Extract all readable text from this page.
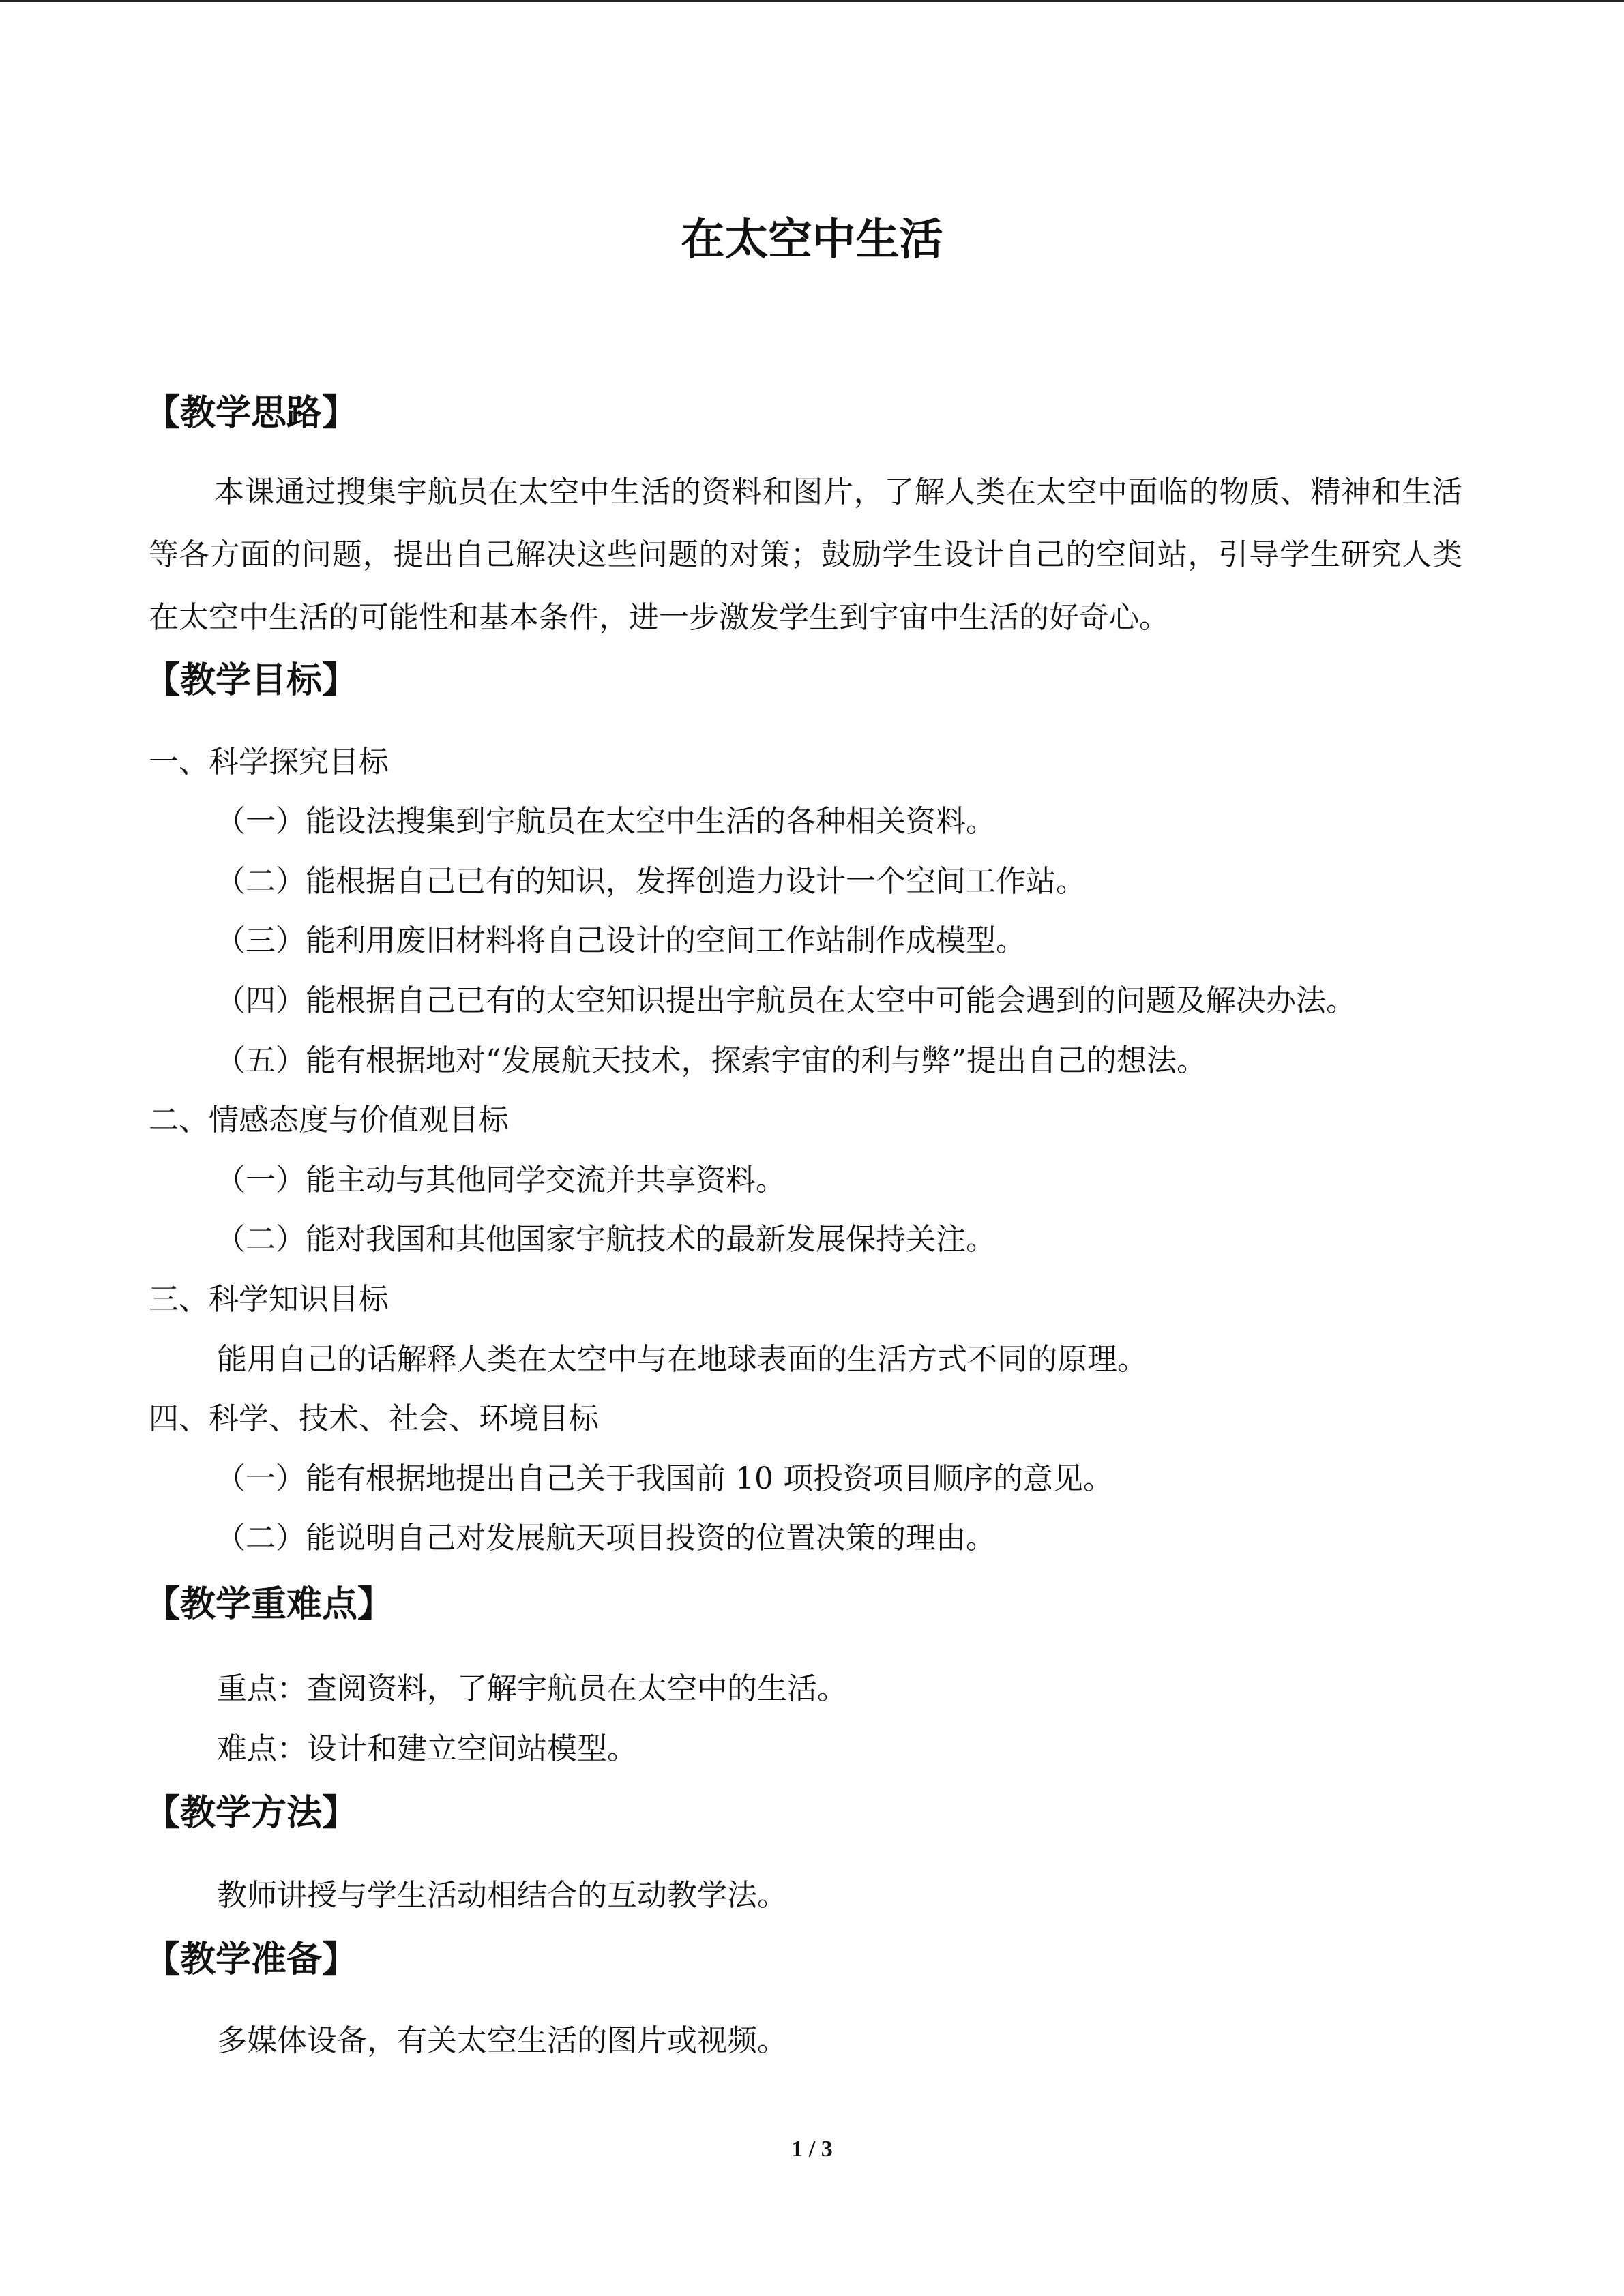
在太空中生活
【教学思路】

本课通过搜集宇航员在太空中生活的资料和图片，了解人类在太空中面临的物质、精神和生活等各方面的问题，提出自己解决这些问题的对策；鼓励学生设计自己的空间站，引导学生研究人类在太空中生活的可能性和基本条件，进一步激发学生到宇宙中生活的好奇心。

【教学目标】
一、科学探究目标
（一）能设法搜集到宇航员在太空中生活的各种相关资料。
（二）能根据自己已有的知识，发挥创造力设计一个空间工作站。
（三）能利用废旧材料将自己设计的空间工作站制作成模型。
（四）能根据自己已有的太空知识提出宇航员在太空中可能会遇到的问题及解决办法。
（五）能有根据地对“发展航天技术，探索宇宙的利与弊”提出自己的想法。
二、情感态度与价值观目标
（一）能主动与其他同学交流并共享资料。
（二）能对我国和其他国家宇航技术的最新发展保持关注。
三、科学知识目标
能用自己的话解释人类在太空中与在地球表面的生活方式不同的原理。
四、科学、技术、社会、环境目标
（一）能有根据地提出自己关于我国前 10 项投资项目顺序的意见。
（二）能说明自己对发展航天项目投资的位置决策的理由。
【教学重难点】
重点：查阅资料，了解宇航员在太空中的生活。
难点：设计和建立空间站模型。
【教学方法】
教师讲授与学生活动相结合的互动教学法。
【教学准备】
多媒体设备，有关太空生活的图片或视频。
1 / 3
